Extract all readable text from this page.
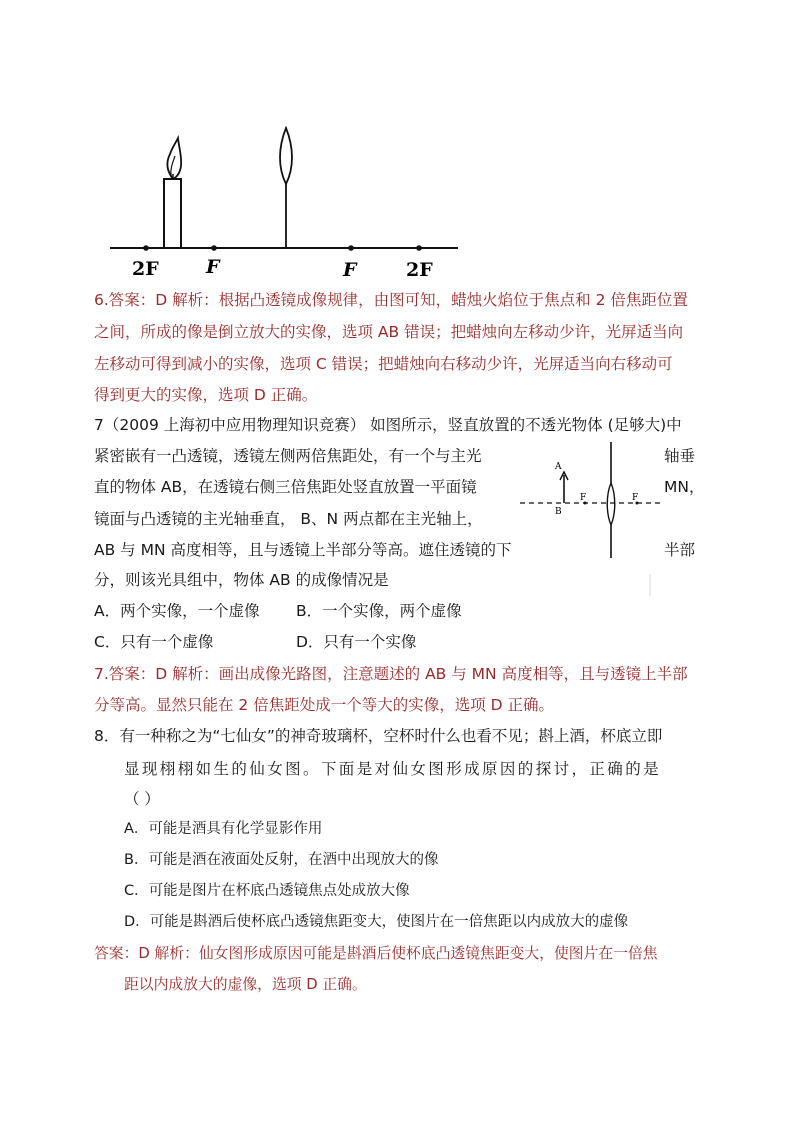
2F F	F	2F
6.答案：D 解析：根据凸透镜成像规律，由图可知，蜡烛火焰位于焦点和 2 倍焦距位置
之间，所成的像是倒立放大的实像，选项 AB 错误；把蜡烛向左移动少许，光屏适当向
左移动可得到减小的实像，选项 C 错误；把蜡烛向右移动少许，光屏适当向右移动可
得到更大的实像，选项 D 正确。
7（2009 上海初中应用物理知识竞赛） 如图所示，竖直放置的不透光物体 (足够大)中
紧密嵌有一凸透镜，透镜左侧两倍焦距处，有一个与主光	轴垂
直的物体 AB，在透镜右侧三倍焦距处竖直放置一平面镜	MN，
镜面与凸透镜的主光轴垂直， B、N 两点都在主光轴上，
AB 与 MN 高度相等，且与透镜上半部分等高。遮住透镜的下	半部
分，则该光具组中，物体 AB 的成像情况是
A
B
F	F
A．两个实像，一个虚像 B．一个实像，两个虚像
C．只有一个虚像	D．只有一个实像
7.答案：D 解析：画出成像光路图，注意题述的 AB 与 MN 高度相等，且与透镜上半部
分等高。显然只能在 2 倍焦距处成一个等大的实像，选项 D 正确。
8．有一种称之为“七仙女”的神奇玻璃杯，空杯时什么也看不见；斟上酒，杯底立即
显现栩栩如生的仙女图。下面是对仙女图形成原因的探讨，正确的是
（ ）
A．可能是酒具有化学显影作用
B．可能是酒在液面处反射，在酒中出现放大的像
C．可能是图片在杯底凸透镜焦点处成放大像
D．可能是斟酒后使杯底凸透镜焦距变大，使图片在一倍焦距以内成放大的虚像
答案：D 解析：仙女图形成原因可能是斟酒后使杯底凸透镜焦距变大，使图片在一倍焦
距以内成放大的虚像，选项 D 正确。
